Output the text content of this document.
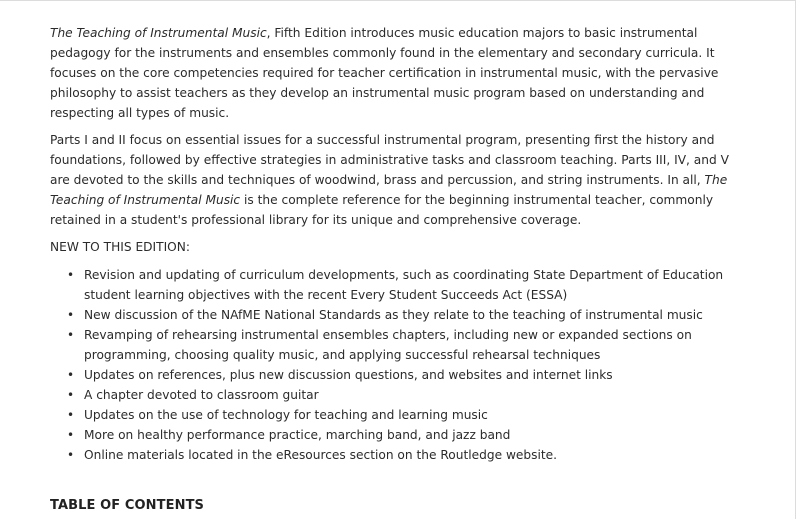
The Teaching of Instrumental Music, Fifth Edition introduces music education majors to basic instrumental pedagogy for the instruments and ensembles commonly found in the elementary and secondary curricula. It focuses on the core competencies required for teacher certification in instrumental music, with the pervasive philosophy to assist teachers as they develop an instrumental music program based on understanding and respecting all types of music.

Parts I and II focus on essential issues for a successful instrumental program, presenting first the history and foundations, followed by effective strategies in administrative tasks and classroom teaching. Parts III, IV, and V are devoted to the skills and techniques of woodwind, brass and percussion, and string instruments. In all, The Teaching of Instrumental Music is the complete reference for the beginning instrumental teacher, commonly retained in a student's professional library for its unique and comprehensive coverage.

NEW TO THIS EDITION:

• Revision and updating of curriculum developments, such as coordinating State Department of Education student learning objectives with the recent Every Student Succeeds Act (ESSA)
• New discussion of the NAfME National Standards as they relate to the teaching of instrumental music
• Revamping of rehearsing instrumental ensembles chapters, including new or expanded sections on programming, choosing quality music, and applying successful rehearsal techniques
• Updates on references, plus new discussion questions, and websites and internet links
• A chapter devoted to classroom guitar
• Updates on the use of technology for teaching and learning music
• More on healthy performance practice, marching band, and jazz band
• Online materials located in the eResources section on the Routledge website.
TABLE OF CONTENTS
